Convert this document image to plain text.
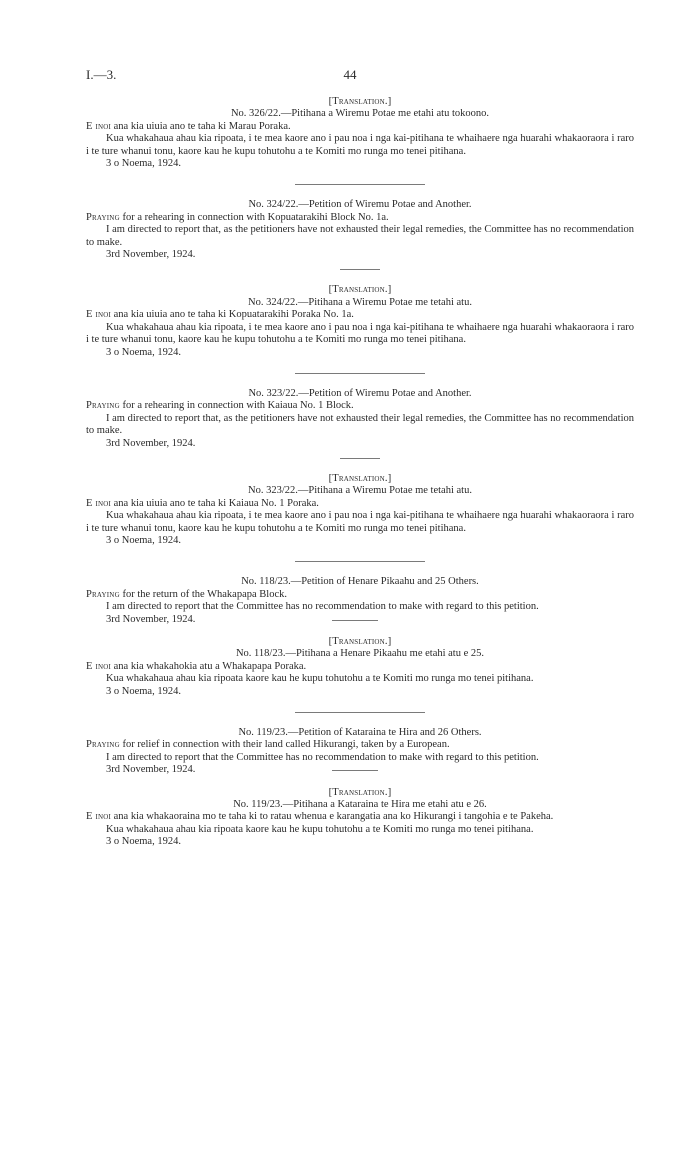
I.—3.	44
[Translation.]
No. 326/22.—Pitihana a Wiremu Potae me etahi atu tokoono.

E inoi ana kia uiuia ano te taha ki Marau Poraka.

Kua whakahaua ahau kia ripoata, i te mea kaore ano i pau noa i nga kai-pitihana te whaihaere nga huarahi whakaoraora i raro i te ture whanui tonu, kaore kau he kupu tohutohu a te Komiti mo runga mo tenei pitihana.

3 o Noema, 1924.

No. 324/22.—Petition of Wiremu Potae and Another.

Praying for a rehearing in connection with Kopuatarakihi Block No. 1a.

I am directed to report that, as the petitioners have not exhausted their legal remedies, the Committee has no recommendation to make.

3rd November, 1924.

[Translation.]
No. 324/22.—Pitihana a Wiremu Potae me tetahi atu.

E inoi ana kia uiuia ano te taha ki Kopuatarakihi Poraka No. 1a.

Kua whakahaua ahau kia ripoata, i te mea kaore ano i pau noa i nga kai-pitihana te whaihaere nga huarahi whakaoraora i raro i te ture whanui tonu, kaore kau he kupu tohutohu a te Komiti mo runga mo tenei pitihana.

3 o Noema, 1924.

No. 323/22.—Petition of Wiremu Potae and Another.

Praying for a rehearing in connection with Kaiaua No. 1 Block.

I am directed to report that, as the petitioners have not exhausted their legal remedies, the Committee has no recommendation to make.

3rd November, 1924.

[Translation.]
No. 323/22.—Pitihana a Wiremu Potae me tetahi atu.

E inoi ana kia uiuia ano te taha ki Kaiaua No. 1 Poraka.

Kua whakahaua ahau kia ripoata, i te mea kaore ano i pau noa i nga kai-pitihana te whaihaere nga huarahi whakaoraora i raro i te ture whanui tonu, kaore kau he kupu tohutohu a te Komiti mo runga mo tenei pitihana.

3 o Noema, 1924.

No. 118/23.—Petition of Henare Pikaahu and 25 Others.

Praying for the return of the Whakapapa Block.

I am directed to report that the Committee has no recommendation to make with regard to this petition.

3rd November, 1924.

[Translation.]
No. 118/23.—Pitihana a Henare Pikaahu me etahi atu e 25.

E inoi ana kia whakahokia atu a Whakapapa Poraka.

Kua whakahaua ahau kia ripoata kaore kau he kupu tohutohu a te Komiti mo runga mo tenei pitihana.

3 o Noema, 1924.

No. 119/23.—Petition of Kataraina te Hira and 26 Others.

Praying for relief in connection with their land called Hikurangi, taken by a European.

I am directed to report that the Committee has no recommendation to make with regard to this petition.

3rd November, 1924.

[Translation.]
No. 119/23.—Pitihana a Kataraina te Hira me etahi atu e 26.

E inoi ana kia whakaoraina mo te taha ki to ratau whenua e karangatia ana ko Hikurangi i tangohia e te Pakeha.

Kua whakahaua ahau kia ripoata kaore kau he kupu tohutohu a te Komiti mo runga mo tenei pitihana.

3 o Noema, 1924.
